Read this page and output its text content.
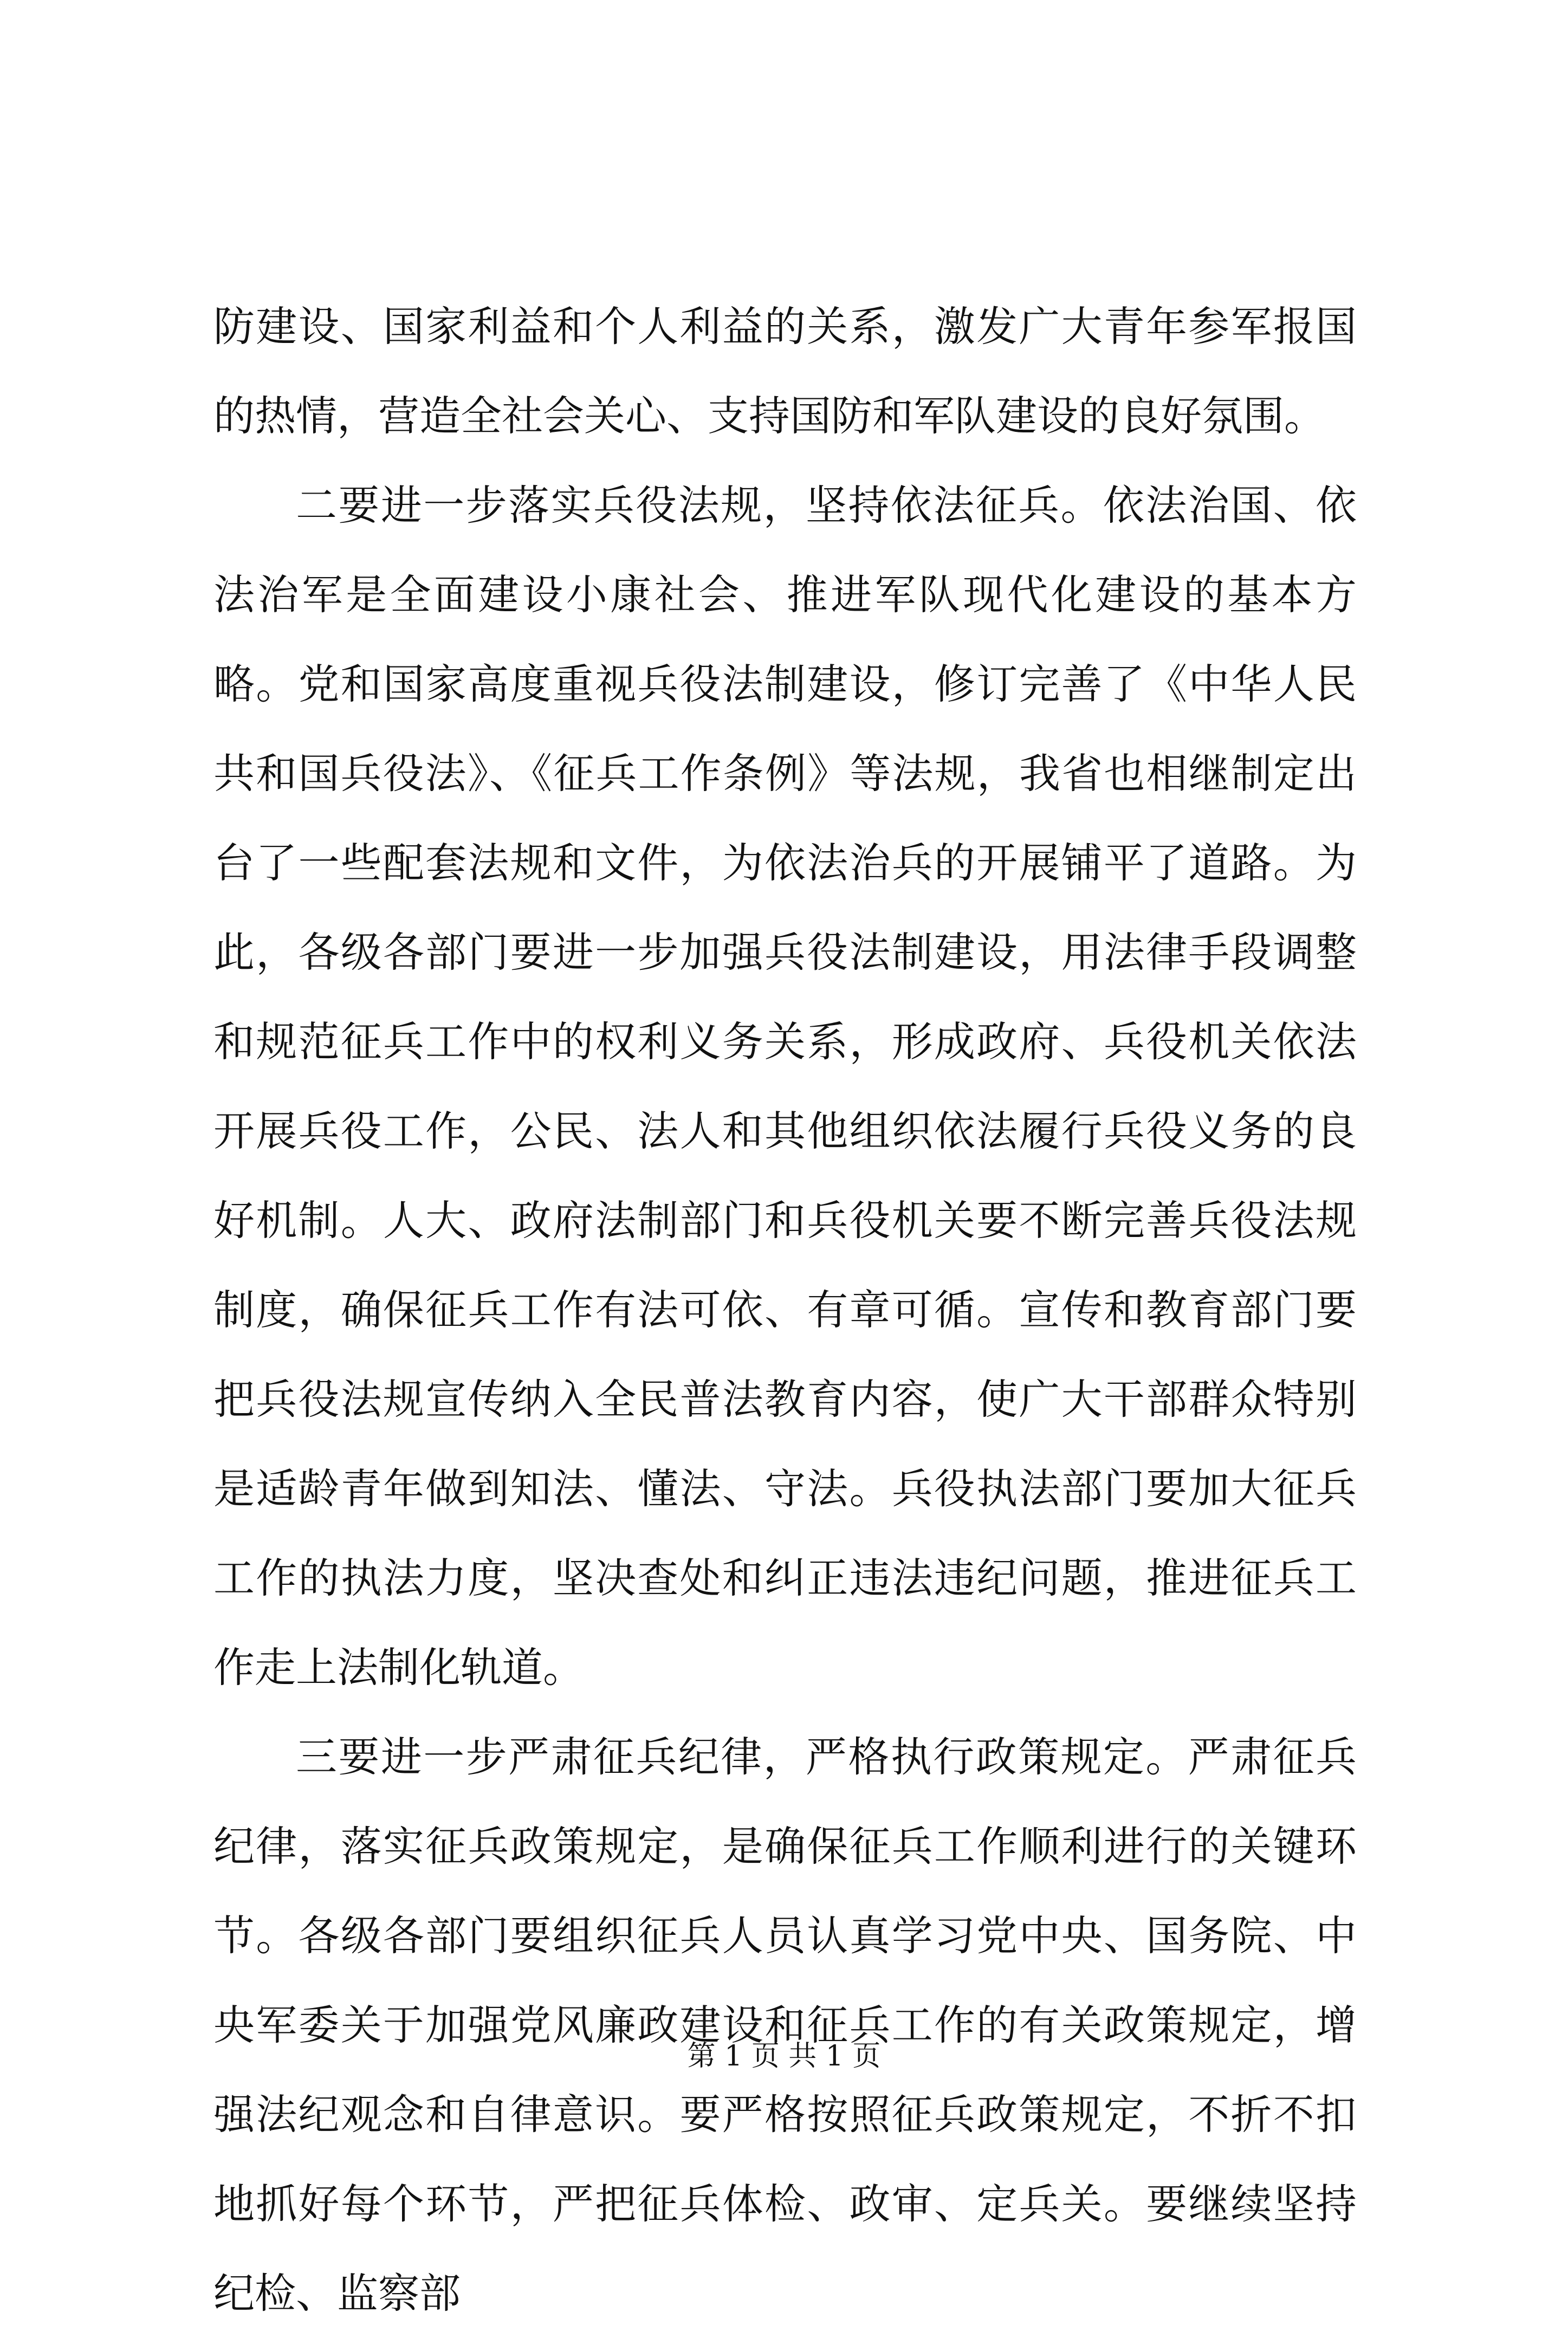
防建设、国家利益和个人利益的关系，激发广大青年参军报国的热情，营造全社会关心、支持国防和军队建设的良好氛围。

二要进一步落实兵役法规，坚持依法征兵。依法治国、依法治军是全面建设小康社会、推进军队现代化建设的基本方略。党和国家高度重视兵役法制建设，修订完善了《中华人民共和国兵役法》、《征兵工作条例》等法规，我省也相继制定出台了一些配套法规和文件，为依法治兵的开展铺平了道路。为此，各级各部门要进一步加强兵役法制建设，用法律手段调整和规范征兵工作中的权利义务关系，形成政府、兵役机关依法开展兵役工作，公民、法人和其他组织依法履行兵役义务的良好机制。人大、政府法制部门和兵役机关要不断完善兵役法规制度，确保征兵工作有法可依、有章可循。宣传和教育部门要把兵役法规宣传纳入全民普法教育内容，使广大干部群众特别是适龄青年做到知法、懂法、守法。兵役执法部门要加大征兵工作的执法力度，坚决查处和纠正违法违纪问题，推进征兵工作走上法制化轨道。

三要进一步严肃征兵纪律，严格执行政策规定。严肃征兵纪律，落实征兵政策规定，是确保征兵工作顺利进行的关键环节。各级各部门要组织征兵人员认真学习党中央、国务院、中央军委关于加强党风廉政建设和征兵工作的有关政策规定，增强法纪观念和自律意识。要严格按照征兵政策规定，不折不扣地抓好每个环节，严把征兵体检、政审、定兵关。要继续坚持纪检、监察部

第 1 页 共 1 页
